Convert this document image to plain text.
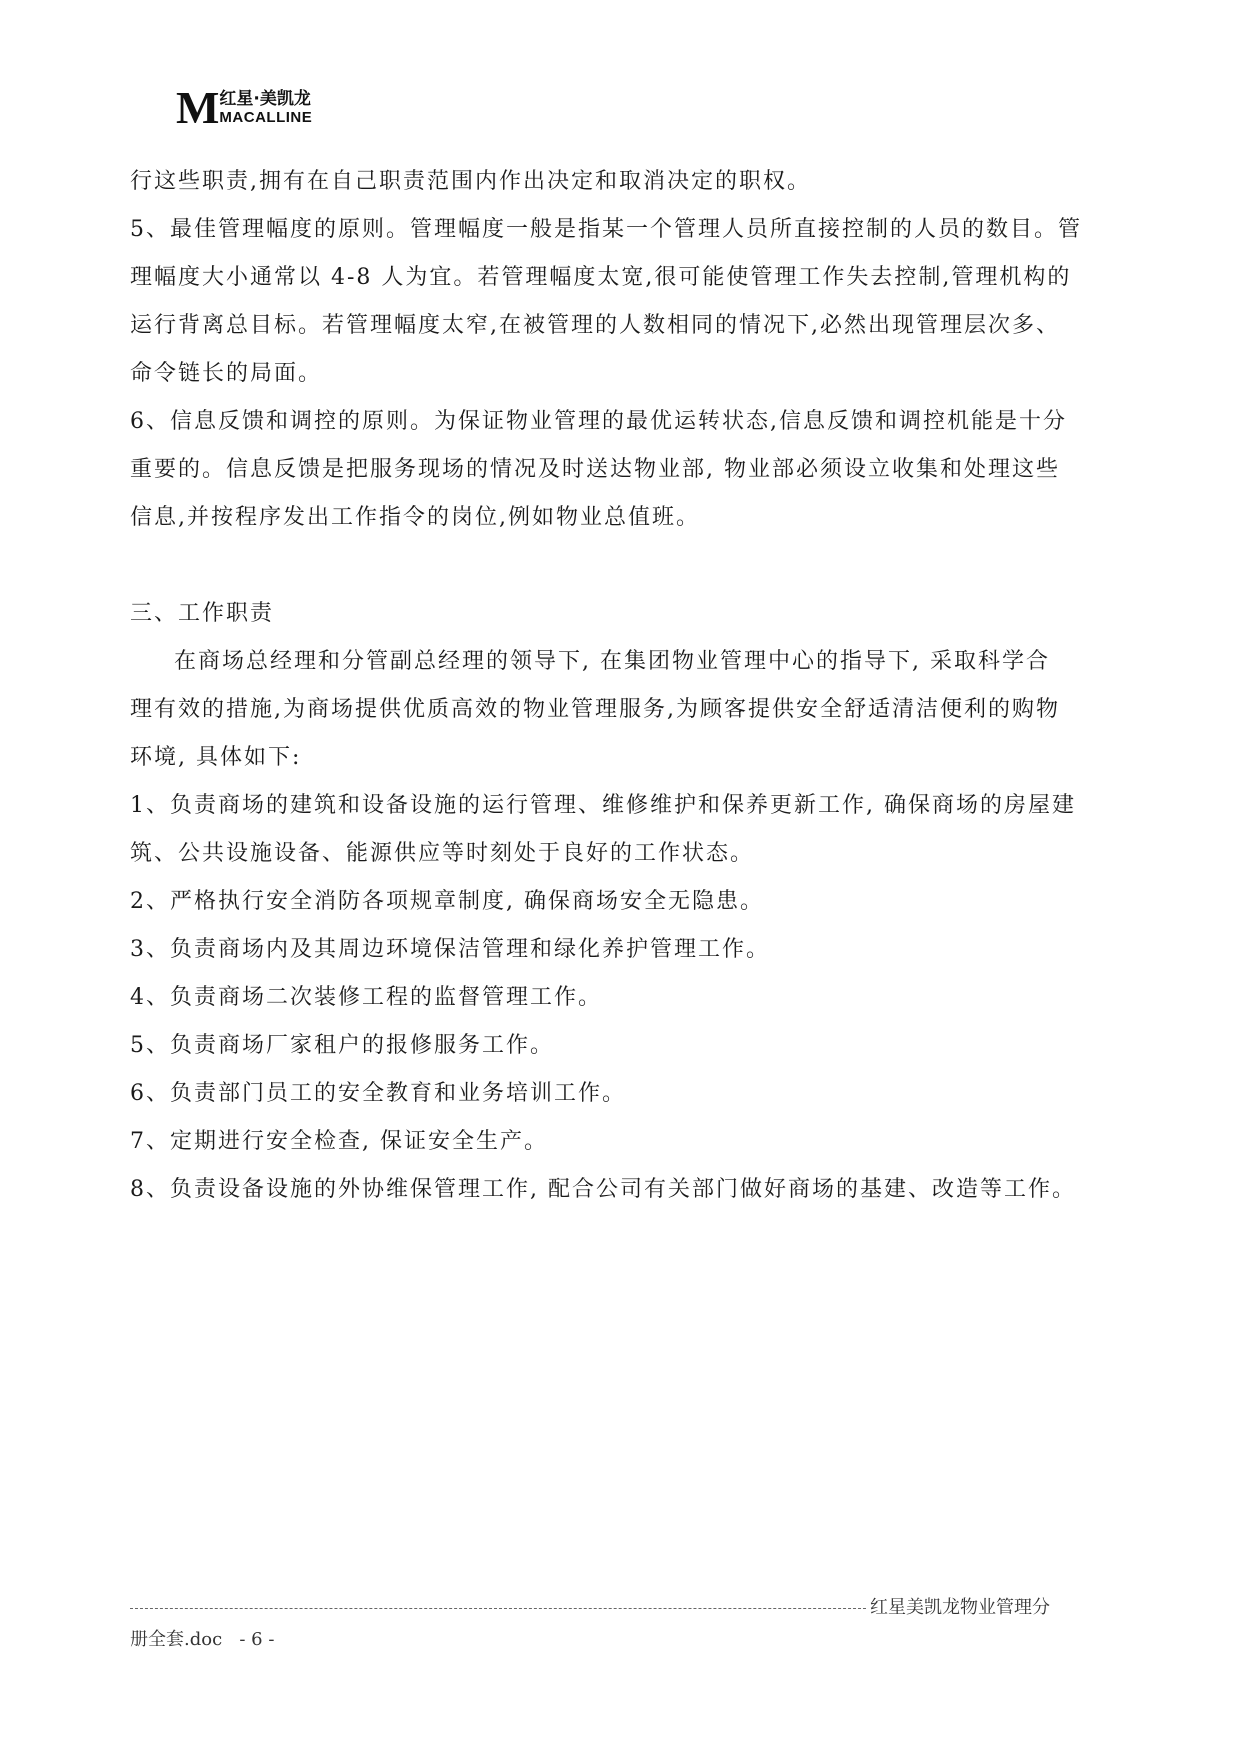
M 红星·美凯龙
MACALLINE
行这些职责,拥有在自己职责范围内作出决定和取消决定的职权。
5、最佳管理幅度的原则。管理幅度一般是指某一个管理人员所直接控制的人员的数目。管
理幅度大小通常以 4-8 人为宜。若管理幅度太宽,很可能使管理工作失去控制,管理机构的
运行背离总目标。若管理幅度太窄,在被管理的人数相同的情况下,必然出现管理层次多、
命令链长的局面。
6、信息反馈和调控的原则。为保证物业管理的最优运转状态,信息反馈和调控机能是十分
重要的。信息反馈是把服务现场的情况及时送达物业部, 物业部必须设立收集和处理这些
信息,并按程序发出工作指令的岗位,例如物业总值班。
三、工作职责
在商场总经理和分管副总经理的领导下, 在集团物业管理中心的指导下, 采取科学合
理有效的措施,为商场提供优质高效的物业管理服务,为顾客提供安全舒适清洁便利的购物
环境, 具体如下:
1、负责商场的建筑和设备设施的运行管理、维修维护和保养更新工作, 确保商场的房屋建
筑、公共设施设备、能源供应等时刻处于良好的工作状态。
2、严格执行安全消防各项规章制度, 确保商场安全无隐患。
3、负责商场内及其周边环境保洁管理和绿化养护管理工作。
4、负责商场二次装修工程的监督管理工作。
5、负责商场厂家租户的报修服务工作。
6、负责部门员工的安全教育和业务培训工作。
7、定期进行安全检查, 保证安全生产。
8、负责设备设施的外协维保管理工作, 配合公司有关部门做好商场的基建、改造等工作。
红星美凯龙物业管理分
册全套.doc - 6 -
